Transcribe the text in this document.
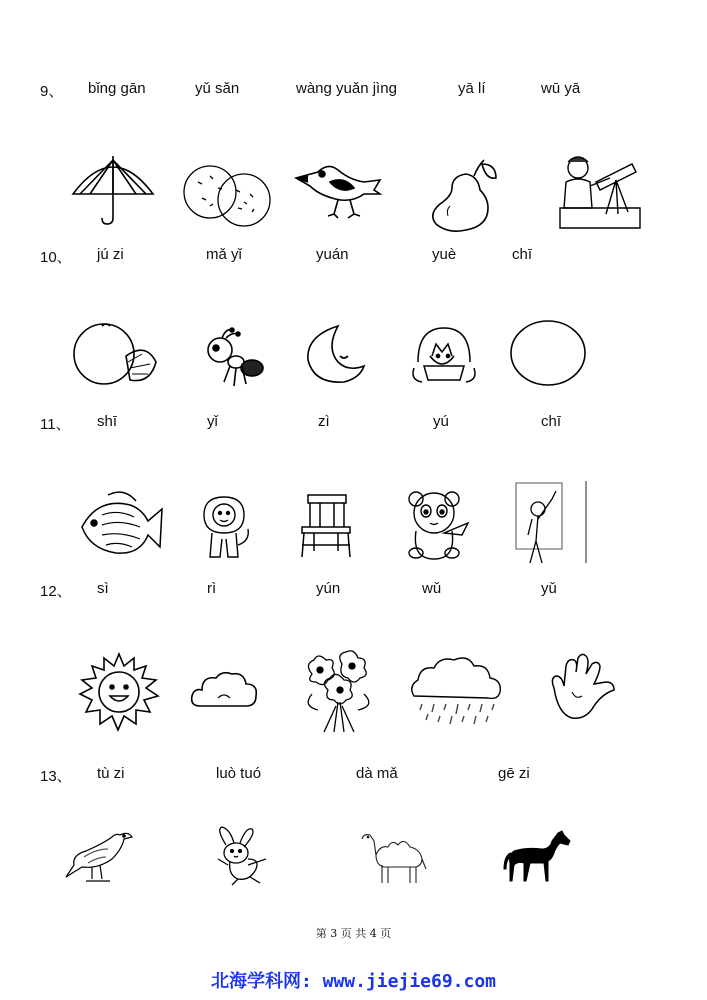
9、 bǐng gān	yǔ sǎn	wàng yuǎn jìng	yā lí	wū yā
10、 jú zi	mǎ yǐ	yuán	yuè	chī
11、 shī	yǐ	zì	yú	chī
12、 sì	rì	yún	wǔ	yǔ
13、 tù zi	luò tuó	dà mǎ	gē zi
第 3 页 共 4 页
北海学科网: www.jiejie69.com
